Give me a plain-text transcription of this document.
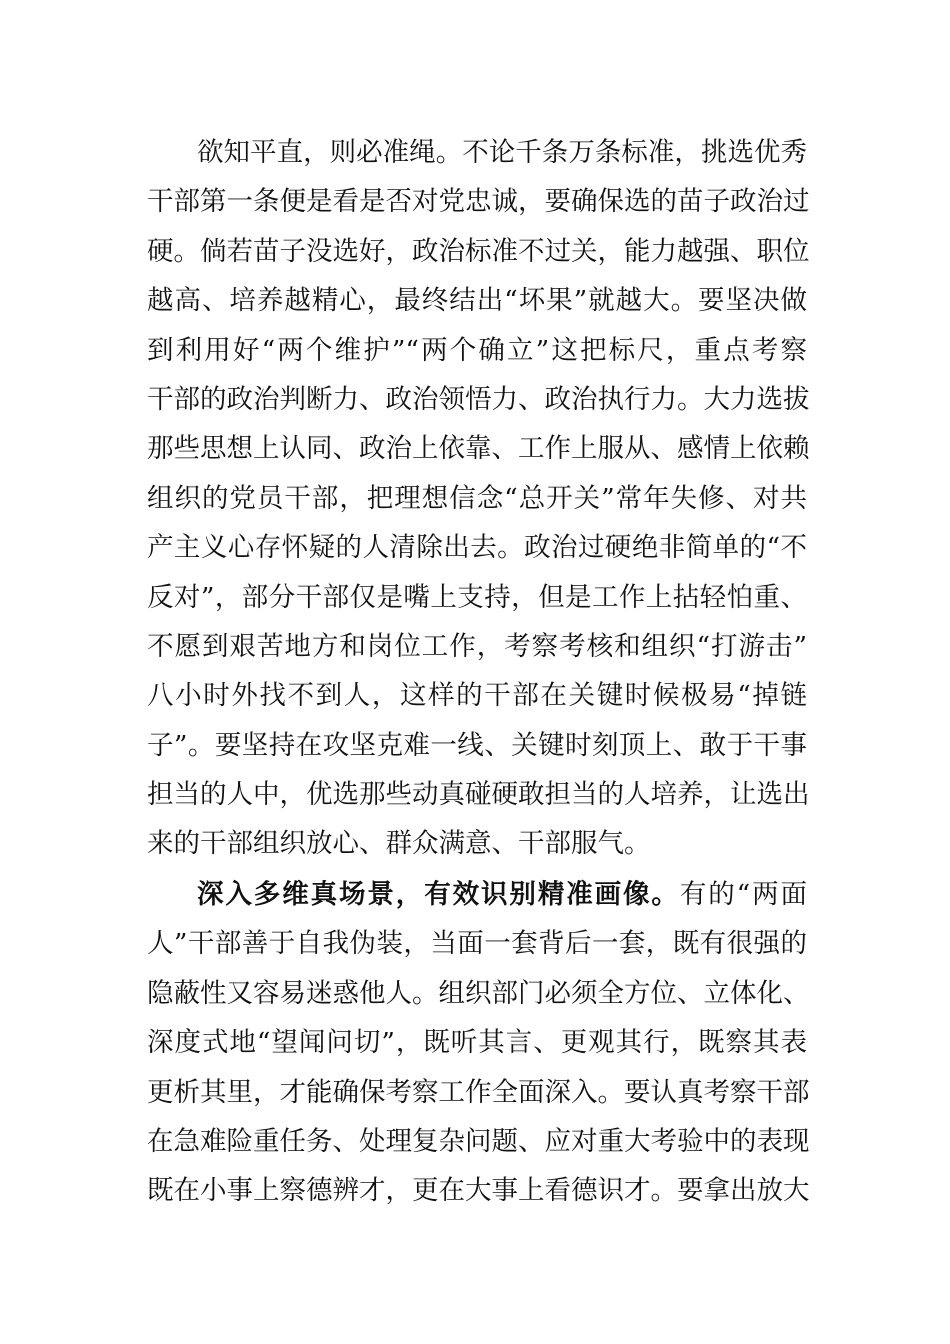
欲知平直，则必准绳。不论千条万条标准，挑选优秀
干部第一条便是看是否对党忠诚，要确保选的苗子政治过
硬。倘若苗子没选好，政治标准不过关，能力越强、职位
越高、培养越精心，最终结出“坏果”就越大。要坚决做
到利用好“两个维护”“两个确立”这把标尺，重点考察
干部的政治判断力、政治领悟力、政治执行力。大力选拔
那些思想上认同、政治上依靠、工作上服从、感情上依赖
组织的党员干部，把理想信念“总开关”常年失修、对共
产主义心存怀疑的人清除出去。政治过硬绝非简单的“不
反对”，部分干部仅是嘴上支持，但是工作上拈轻怕重、
不愿到艰苦地方和岗位工作，考察考核和组织“打游击”
八小时外找不到人，这样的干部在关键时候极易“掉链
子”。要坚持在攻坚克难一线、关键时刻顶上、敢于干事
担当的人中，优选那些动真碰硬敢担当的人培养，让选出
来的干部组织放心、群众满意、干部服气。
深入多维真场景，有效识别精准画像。有的“两面
人”干部善于自我伪装，当面一套背后一套，既有很强的
隐蔽性又容易迷惑他人。组织部门必须全方位、立体化、
深度式地“望闻问切”，既听其言、更观其行，既察其表
更析其里，才能确保考察工作全面深入。要认真考察干部
在急难险重任务、处理复杂问题、应对重大考验中的表现
既在小事上察德辨才，更在大事上看德识才。要拿出放大
